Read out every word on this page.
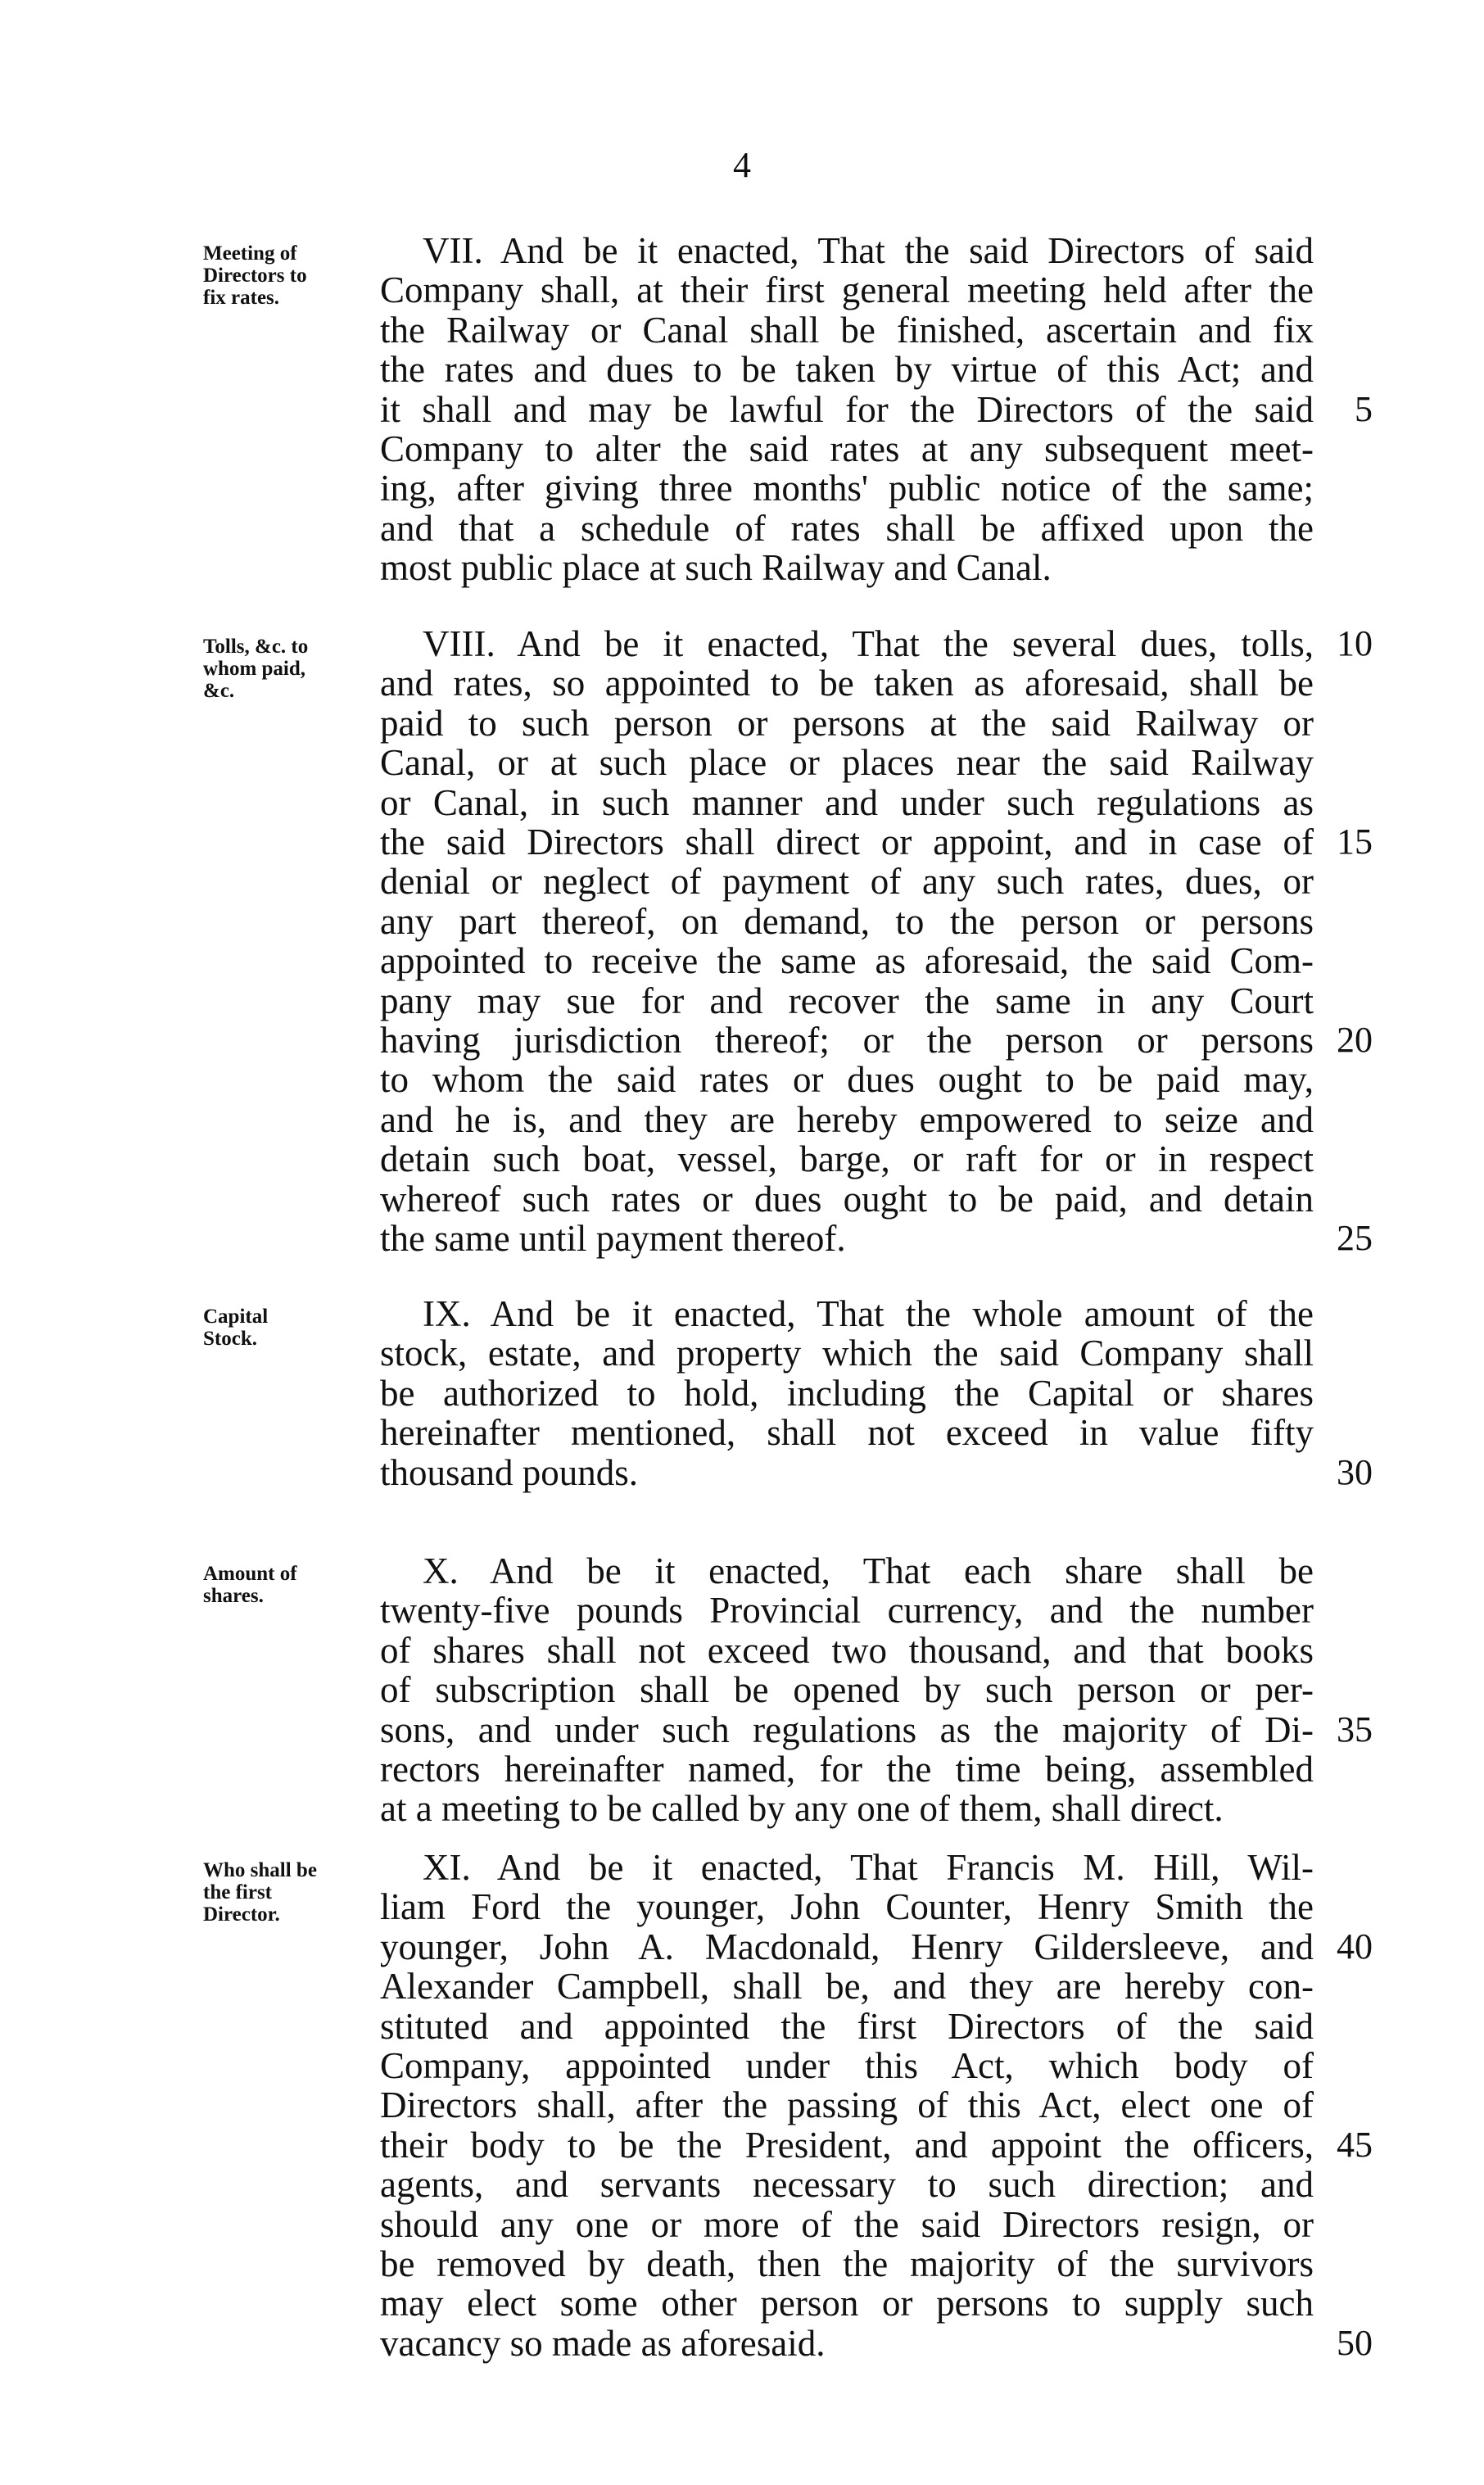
4
Meeting of
Directors to
fix rates.
VII. And be it enacted, That the said Directors of said
Company shall, at their first general meeting held after the
the Railway or Canal shall be finished, ascertain and fix
the rates and dues to be taken by virtue of this Act; and
it shall and may be lawful for the Directors of the said
Company to alter the said rates at any subsequent meet-
ing, after giving three months' public notice of the same;
and that a schedule of rates shall be affixed upon the
most public place at such Railway and Canal.
5
Tolls, &c. to
whom paid,
&c.
VIII. And be it enacted, That the several dues, tolls,
and rates, so appointed to be taken as aforesaid, shall be
paid to such person or persons at the said Railway or
Canal, or at such place or places near the said Railway
or Canal, in such manner and under such regulations as
the said Directors shall direct or appoint, and in case of
denial or neglect of payment of any such rates, dues, or
any part thereof, on demand, to the person or persons
appointed to receive the same as aforesaid, the said Com-
pany may sue for and recover the same in any Court
having jurisdiction thereof; or the person or persons
to whom the said rates or dues ought to be paid may,
and he is, and they are hereby empowered to seize and
detain such boat, vessel, barge, or raft for or in respect
whereof such rates or dues ought to be paid, and detain
the same until payment thereof.
10
15
20
25
Capital
Stock.
IX. And be it enacted, That the whole amount of the
stock, estate, and property which the said Company shall
be authorized to hold, including the Capital or shares
hereinafter mentioned, shall not exceed in value fifty
thousand pounds.	30
Amount of
shares.
X. And be it enacted, That each share shall be
twenty-five pounds Provincial currency, and the number
of shares shall not exceed two thousand, and that books
of subscription shall be opened by such person or per-
sons, and under such regulations as the majority of Di-
rectors hereinafter named, for the time being, assembled
at a meeting to be called by any one of them, shall direct.
35
Who shall be
the first
Director.
XI. And be it enacted, That Francis M. Hill, Wil-
liam Ford the younger, John Counter, Henry Smith the
younger, John A. Macdonald, Henry Gildersleeve, and
Alexander Campbell, shall be, and they are hereby con-
stituted and appointed the first Directors of the said
Company, appointed under this Act, which body of
Directors shall, after the passing of this Act, elect one of
their body to be the President, and appoint the officers,
agents, and servants necessary to such direction; and
should any one or more of the said Directors resign, or
be removed by death, then the majority of the survivors
may elect some other person or persons to supply such
vacancy so made as aforesaid.
40
45
50
